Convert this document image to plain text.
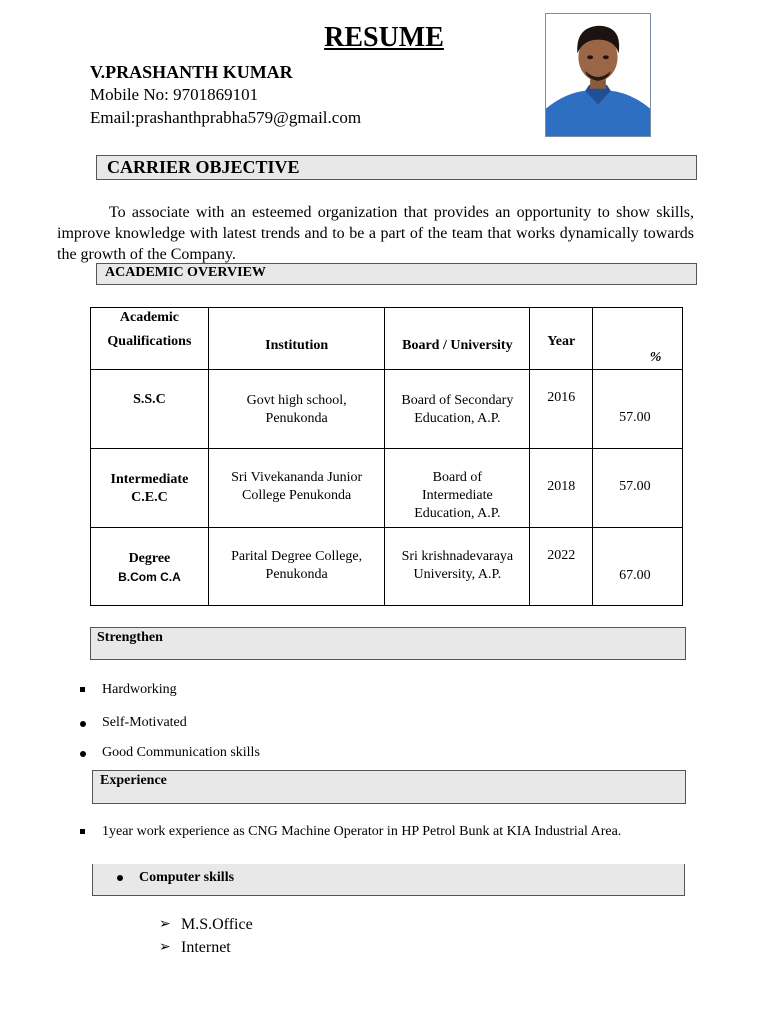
RESUME
V.PRASHANTH KUMAR
Mobile No: 9701869101
Email:prashanthprabha579@gmail.com
CARRIER OBJECTIVE
To associate with an esteemed organization that provides an opportunity to show skills, improve knowledge with latest trends and to be a part of the team that works dynamically towards the growth of the Company.
ACADEMIC OVERVIEW
Academic
Qualifications	Institution	Board / University	Year	%

S.S.C	Govt high school, Penukonda	Board of Secondary Education, A.P.	2016	57.00

Intermediate
C.E.C	Sri Vivekananda Junior College Penukonda	Board of Intermediate Education, A.P.	2018	57.00

Degree
B.Com C.A	Parital Degree College, Penukonda	Sri krishnadevaraya University, A.P.	2022	67.00
Strengthen
Hardworking
Self-Motivated
Good Communication skills
Experience
1year work experience as CNG Machine Operator in HP Petrol Bunk at KIA Industrial Area.
Computer skills
➢ M.S.Office
➢ Internet
